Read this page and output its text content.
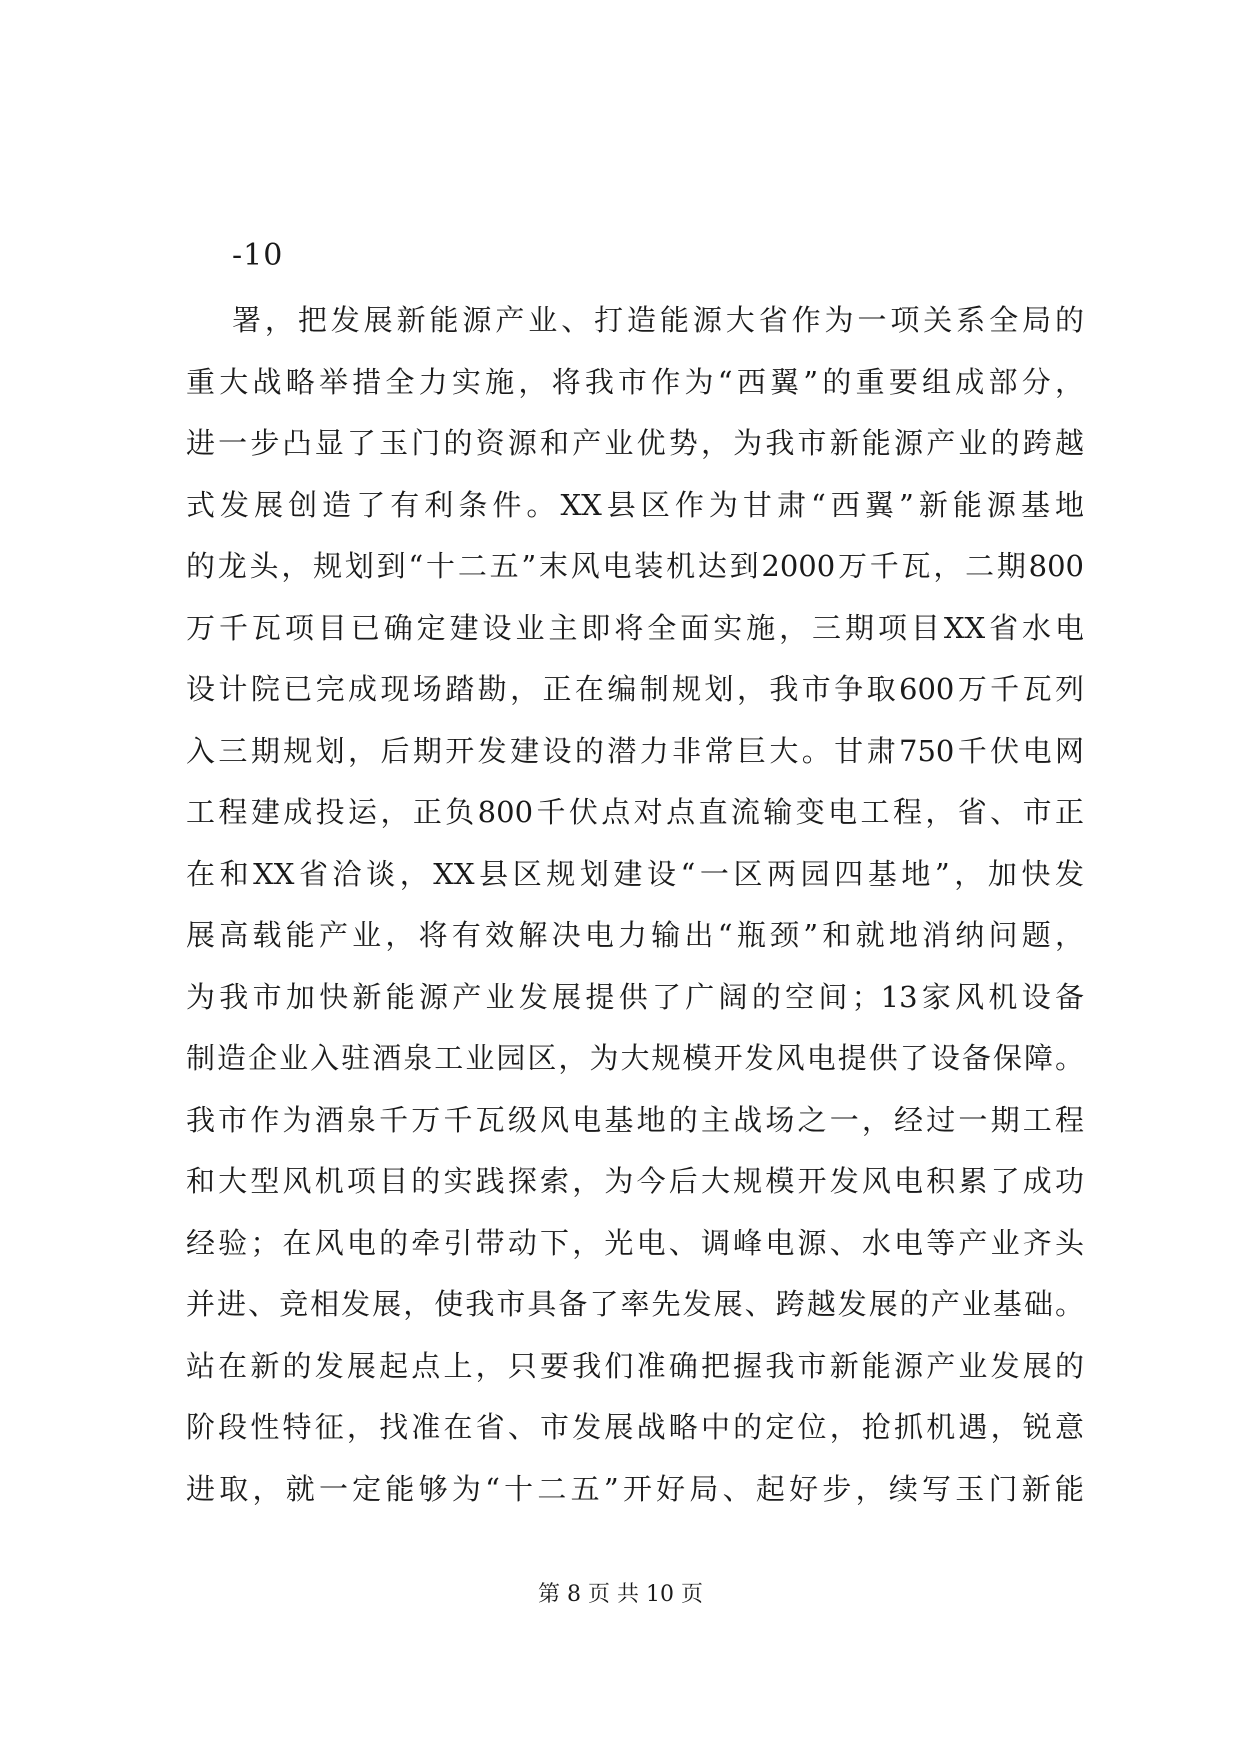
-10
署，把发展新能源产业、打造能源大省作为一项关系全局的
重大战略举措全力实施，将我市作为“西翼”的重要组成部分，
进一步凸显了玉门的资源和产业优势，为我市新能源产业的跨越
式发展创造了有利条件。XX县区作为甘肃“西翼”新能源基地
的龙头，规划到“十二五”末风电装机达到2000万千瓦，二期800
万千瓦项目已确定建设业主即将全面实施，三期项目XX省水电
设计院已完成现场踏勘，正在编制规划，我市争取600万千瓦列
入三期规划，后期开发建设的潜力非常巨大。甘肃750千伏电网
工程建成投运，正负800千伏点对点直流输变电工程，省、市正
在和XX省洽谈，XX县区规划建设“一区两园四基地”，加快发
展高载能产业，将有效解决电力输出“瓶颈”和就地消纳问题，
为我市加快新能源产业发展提供了广阔的空间；13家风机设备
制造企业入驻酒泉工业园区，为大规模开发风电提供了设备保障。
我市作为酒泉千万千瓦级风电基地的主战场之一，经过一期工程
和大型风机项目的实践探索，为今后大规模开发风电积累了成功
经验；在风电的牵引带动下，光电、调峰电源、水电等产业齐头
并进、竞相发展，使我市具备了率先发展、跨越发展的产业基础。
站在新的发展起点上，只要我们准确把握我市新能源产业发展的
阶段性特征，找准在省、市发展战略中的定位，抢抓机遇，锐意
进取，就一定能够为“十二五”开好局、起好步，续写玉门新能
第 8 页 共 10 页
